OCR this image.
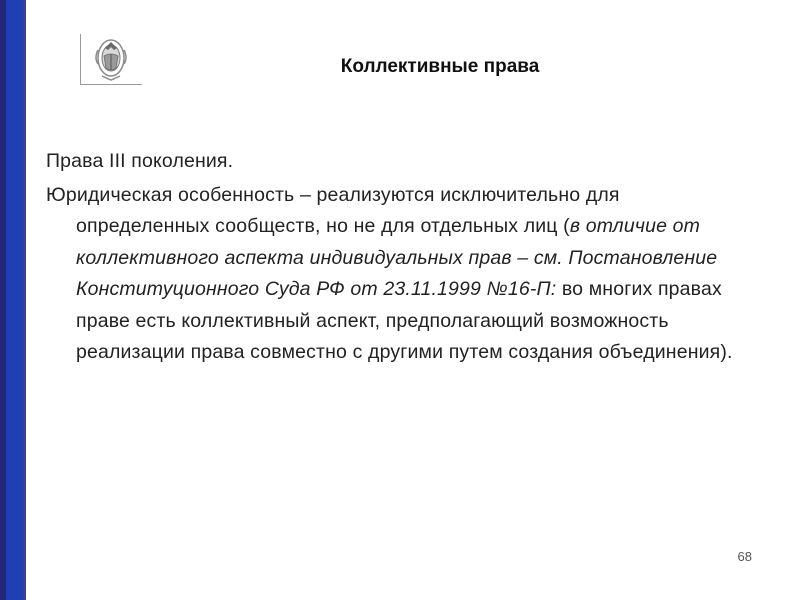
Коллективные права

Права III поколения.

Юридическая особенность – реализуются исключительно для определенных сообществ, но не для отдельных лиц (в отличие от коллективного аспекта индивидуальных прав – см. Постановление Конституционного Суда РФ от 23.11.1999 №16-П: во многих правах праве есть коллективный аспект, предполагающий возможность реализации права совместно с другими путем создания объединения).

68
